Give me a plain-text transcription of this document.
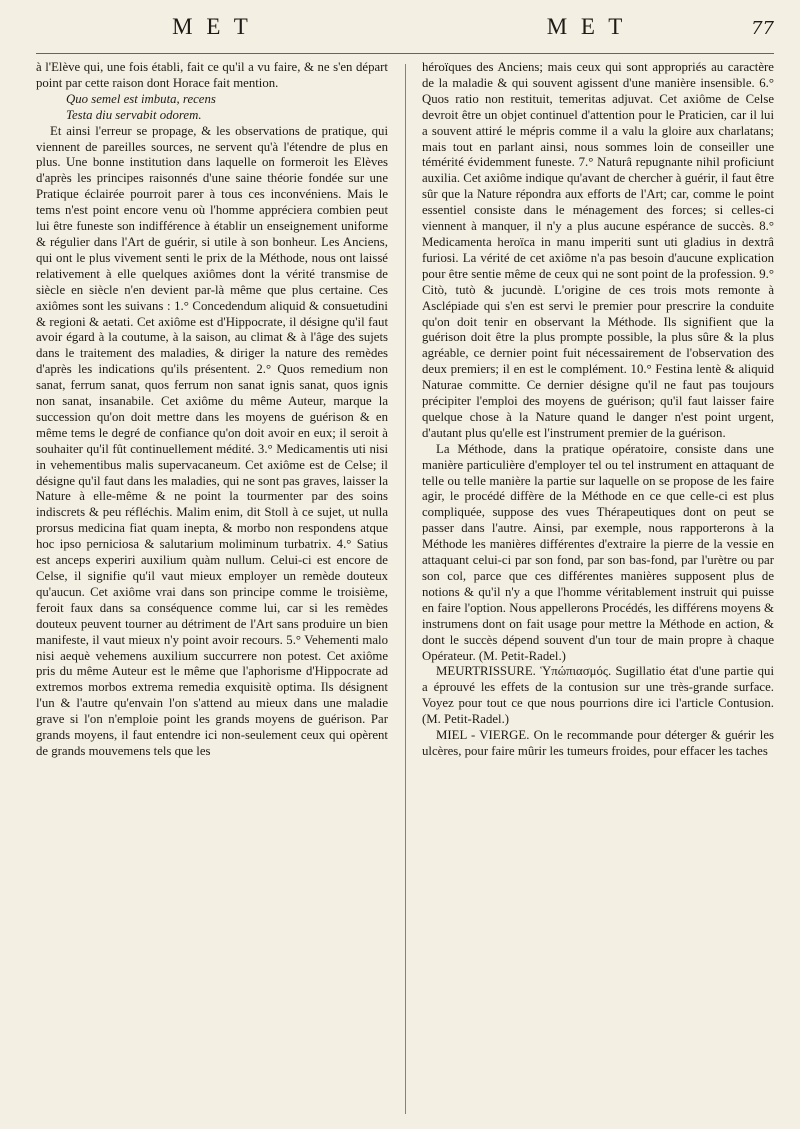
M E T	M E T	77

à l'Elève qui, une fois établi, fait ce qu'il a vu faire, & ne s'en départ point par cette raison dont Horace fait mention.

Quo semel est imbuta, recens
Testa diu servabit odorem.

Et ainsi l'erreur se propage, & les observations de pratique, qui viennent de pareilles sources, ne servent qu'à l'étendre de plus en plus. Une bonne institution dans laquelle on formeroit les Elèves d'après les principes raisonnés d'une saine théorie fondée sur une Pratique éclairée pourroit parer à tous ces inconvéniens. Mais le tems n'est point encore venu où l'homme appréciera combien peut lui être funeste son indifférence à établir un enseignement uniforme & régulier dans l'Art de guérir, si utile à son bonheur. Les Anciens, qui ont le plus vivement senti le prix de la Méthode, nous ont laissé relativement à elle quelques axiômes dont la vérité transmise de siècle en siècle n'en devient par-là même que plus certaine. Ces axiômes sont les suivans : 1.° Concedendum aliquid & consuetudini & regioni & aetati. Cet axiôme est d'Hippocrate, il désigne qu'il faut avoir égard à la coutume, à la saison, au climat & à l'âge des sujets dans le traitement des maladies, & diriger la nature des remèdes d'après les indications qu'ils présentent. 2.° Quos remedium non sanat, ferrum sanat, quos ferrum non sanat ignis sanat, quos ignis non sanat, insanabile. Cet axiôme du même Auteur, marque la succession qu'on doit mettre dans les moyens de guérison & en même tems le degré de confiance qu'on doit avoir en eux; il seroit à souhaiter qu'il fût continuellement médité. 3.° Medicamentis uti nisi in vehementibus malis supervacaneum. Cet axiôme est de Celse; il désigne qu'il faut dans les maladies, qui ne sont pas graves, laisser la Nature à elle-même & ne point la tourmenter par des soins indiscrets & peu réfléchis. Malim enim, dit Stoll à ce sujet, ut nulla prorsus medicina fiat quam inepta, & morbo non respondens atque hoc ipso perniciosa & salutarium moliminum turbatrix. 4.° Satius est anceps experiri auxilium quàm nullum. Celui-ci est encore de Celse, il signifie qu'il vaut mieux employer un remède douteux qu'aucun. Cet axiôme vrai dans son principe comme le troisième, feroit faux dans sa conséquence comme lui, car si les remèdes douteux peuvent tourner au détriment de l'Art sans produire un bien manifeste, il vaut mieux n'y point avoir recours. 5.° Vehementi malo nisi aequè vehemens auxilium succurrere non potest. Cet axiôme pris du même Auteur est le même que l'aphorisme d'Hippocrate ad extremos morbos extrema remedia exquisitè optima. Ils désignent l'un & l'autre qu'envain l'on s'attend au mieux dans une maladie grave si l'on n'emploie point les grands moyens de guérison. Par grands moyens, il faut entendre ici non-seulement ceux qui opèrent de grands mouvemens tels que les

héroïques des Anciens; mais ceux qui sont appropriés au caractère de la maladie & qui souvent agissent d'une manière insensible. 6.° Quos ratio non restituit, temeritas adjuvat. Cet axiôme de Celse devroit être un objet continuel d'attention pour le Praticien, car il lui a souvent attiré le mépris comme il a valu la gloire aux charlatans; mais tout en parlant ainsi, nous sommes loin de conseiller une témérité évidemment funeste. 7.° Naturâ repugnante nihil proficiunt auxilia. Cet axiôme indique qu'avant de chercher à guérir, il faut être sûr que la Nature répondra aux efforts de l'Art; car, comme le point essentiel consiste dans le ménagement des forces; si celles-ci viennent à manquer, il n'y a plus aucune espérance de succès. 8.° Medicamenta heroïca in manu imperiti sunt uti gladius in dextrâ furiosi. La vérité de cet axiôme n'a pas besoin d'aucune explication pour être sentie même de ceux qui ne sont point de la profession. 9.° Citò, tutò & jucundè. L'origine de ces trois mots remonte à Asclépiade qui s'en est servi le premier pour prescrire la conduite qu'on doit tenir en observant la Méthode. Ils signifient que la guérison doit être la plus prompte possible, la plus sûre & la plus agréable, ce dernier point fuit nécessairement de l'observation des deux premiers; il en est le complément. 10.° Festina lentè & aliquid Naturae committe. Ce dernier désigne qu'il ne faut pas toujours précipiter l'emploi des moyens de guérison; qu'il faut laisser faire quelque chose à la Nature quand le danger n'est point urgent, d'autant plus qu'elle est l'instrument premier de la guérison.

La Méthode, dans la pratique opératoire, consiste dans une manière particulière d'employer tel ou tel instrument en attaquant de telle ou telle manière la partie sur laquelle on se propose de les faire agir, le procédé diffère de la Méthode en ce que celle-ci est plus compliquée, suppose des vues Thérapeutiques dont on peut se passer dans l'autre. Ainsi, par exemple, nous rapporterons à la Méthode les manières différentes d'extraire la pierre de la vessie en attaquant celui-ci par son fond, par son bas-fond, par l'urètre ou par son col, parce que ces différentes manières supposent plus de notions & qu'il n'y a que l'homme véritablement instruit qui puisse en faire l'option. Nous appellerons Procédés, les différens moyens & instrumens dont on fait usage pour mettre la Méthode en action, & dont le succès dépend souvent d'un tour de main propre à chaque Opérateur. (M. Petit-Radel.)

MEURTRISSURE. Ὑπώπιασμός. Sugillatio état d'une partie qui a éprouvé les effets de la contusion sur une très-grande surface. Voyez pour tout ce que nous pourrions dire ici l'article Contusion. (M. Petit-Radel.)

MIEL - VIERGE. On le recommande pour déterger & guérir les ulcères, pour faire mûrir les tumeurs froides, pour effacer les taches
